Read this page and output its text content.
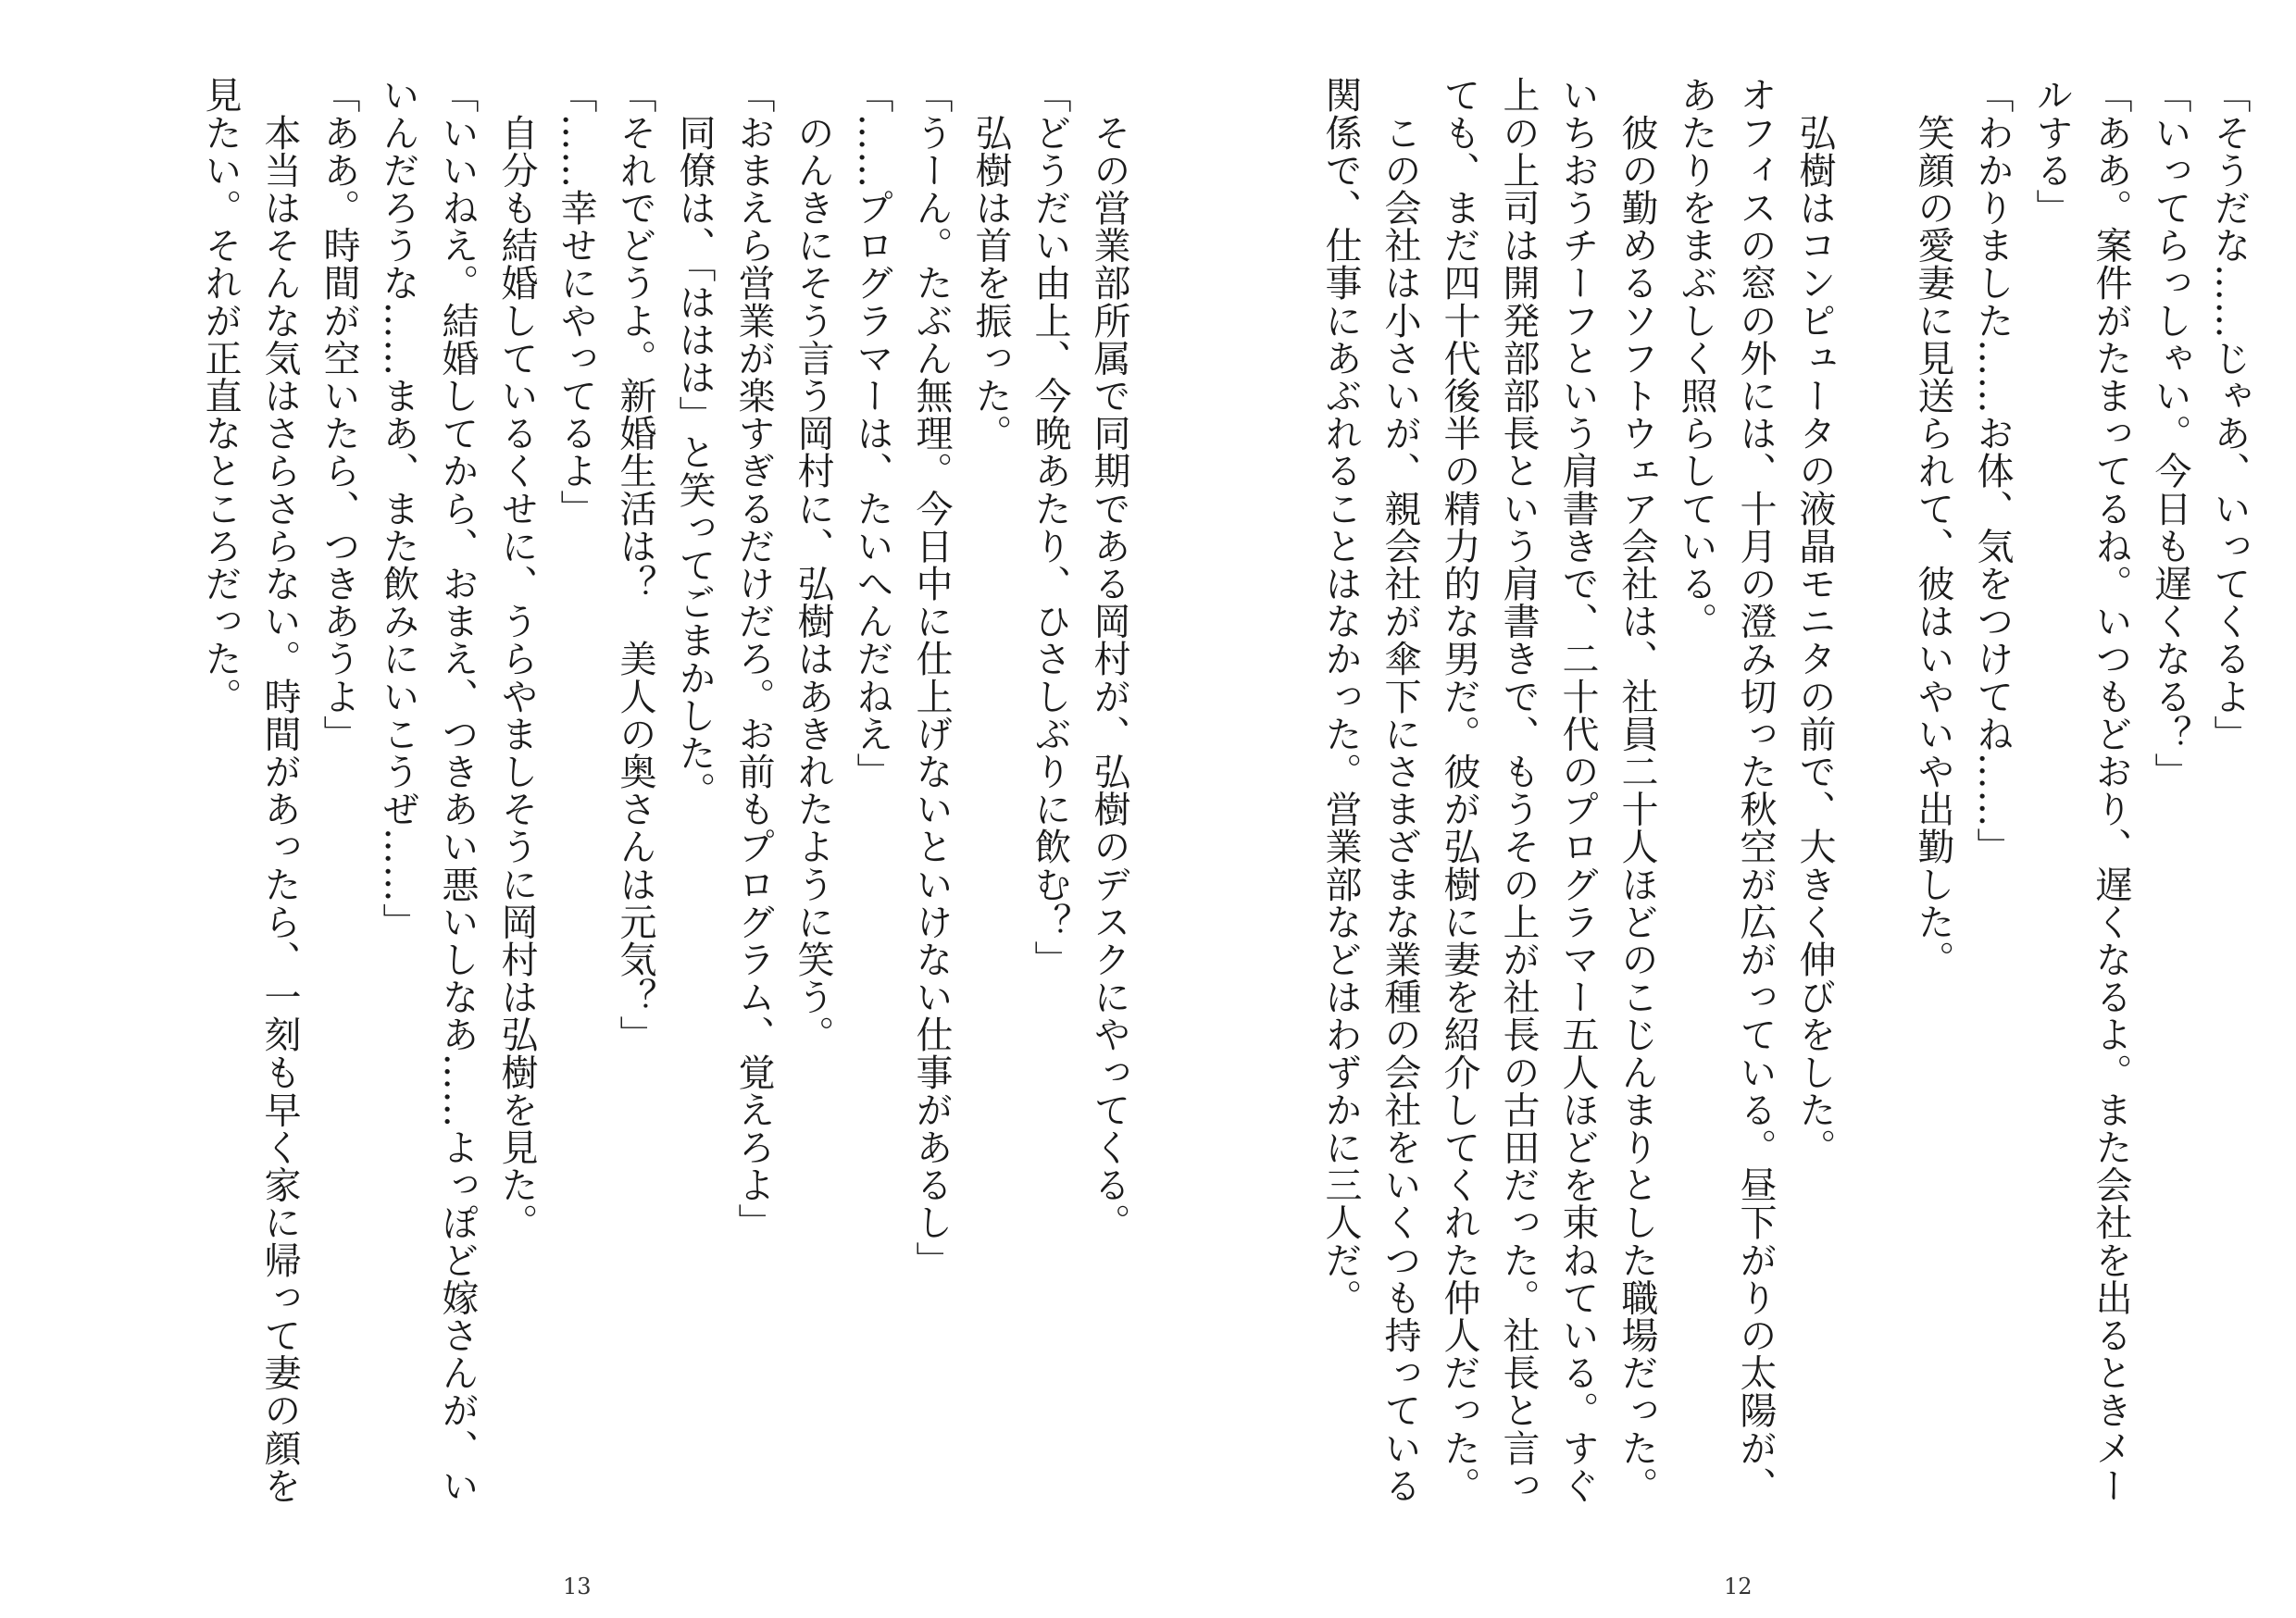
　その営業部所属で同期である岡村が、弘樹のデスクにやってくる。
「どうだい由上、今晩あたり、ひさしぶりに飲む？」
　弘樹は首を振った。
「うーん。たぶん無理。今日中に仕上げないといけない仕事があるし」
「……プログラマーは、たいへんだねえ」
　のんきにそう言う岡村に、弘樹はあきれたように笑う。
「おまえら営業が楽すぎるだけだろ。お前もプログラム、覚えろよ」
　同僚は、「ははは」と笑ってごまかした。
「それでどうよ。新婚生活は？　美人の奥さんは元気？」
「……幸せにやってるよ」
　自分も結婚しているくせに、うらやましそうに岡村は弘樹を見た。
「いいねえ。結婚してから、おまえ、つきあい悪いしなあ……よっぽど嫁さんが、い
いんだろうな……まあ、また飲みにいこうぜ……」
「ああ。時間が空いたら、つきあうよ」
　本当はそんな気はさらさらない。時間があったら、一刻も早く家に帰って妻の顔を
見たい。それが正直なところだった。
13
「そうだな……じゃあ、いってくるよ」
「いってらっしゃい。今日も遅くなる？」
「ああ。案件がたまってるね。いつもどおり、遅くなるよ。また会社を出るときメー
ルする」
「わかりました……お体、気をつけてね……」
　笑顔の愛妻に見送られて、彼はいやいや出勤した。
　弘樹はコンピュータの液晶モニタの前で、大きく伸びをした。
オフィスの窓の外には、十月の澄み切った秋空が広がっている。昼下がりの太陽が、
あたりをまぶしく照らしている。
　彼の勤めるソフトウェア会社は、社員二十人ほどのこじんまりとした職場だった。
いちおうチーフという肩書きで、二十代のプログラマー五人ほどを束ねている。すぐ
上の上司は開発部部長という肩書きで、もうその上が社長の古田だった。社長と言っ
ても、まだ四十代後半の精力的な男だ。彼が弘樹に妻を紹介してくれた仲人だった。
　この会社は小さいが、親会社が傘下にさまざまな業種の会社をいくつも持っている
関係で、仕事にあぶれることはなかった。営業部などはわずかに三人だ。
12
